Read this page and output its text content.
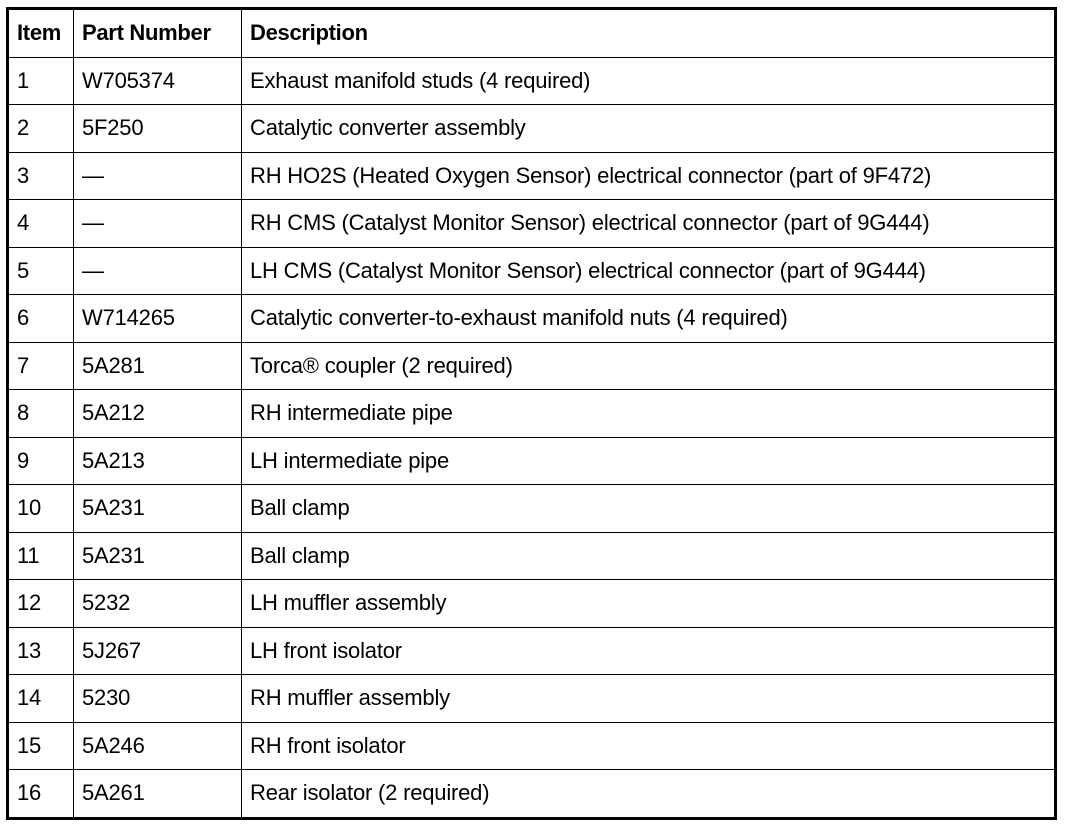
Item	Part Number	Description
1	W705374	Exhaust manifold studs (4 required)
2	5F250	Catalytic converter assembly
3	—	RH HO2S (Heated Oxygen Sensor) electrical connector (part of 9F472)
4	—	RH CMS (Catalyst Monitor Sensor) electrical connector (part of 9G444)
5	—	LH CMS (Catalyst Monitor Sensor) electrical connector (part of 9G444)
6	W714265	Catalytic converter-to-exhaust manifold nuts (4 required)
7	5A281	Torca® coupler (2 required)
8	5A212	RH intermediate pipe
9	5A213	LH intermediate pipe
10	5A231	Ball clamp
11	5A231	Ball clamp
12	5232	LH muffler assembly
13	5J267	LH front isolator
14	5230	RH muffler assembly
15	5A246	RH front isolator
16	5A261	Rear isolator (2 required)
